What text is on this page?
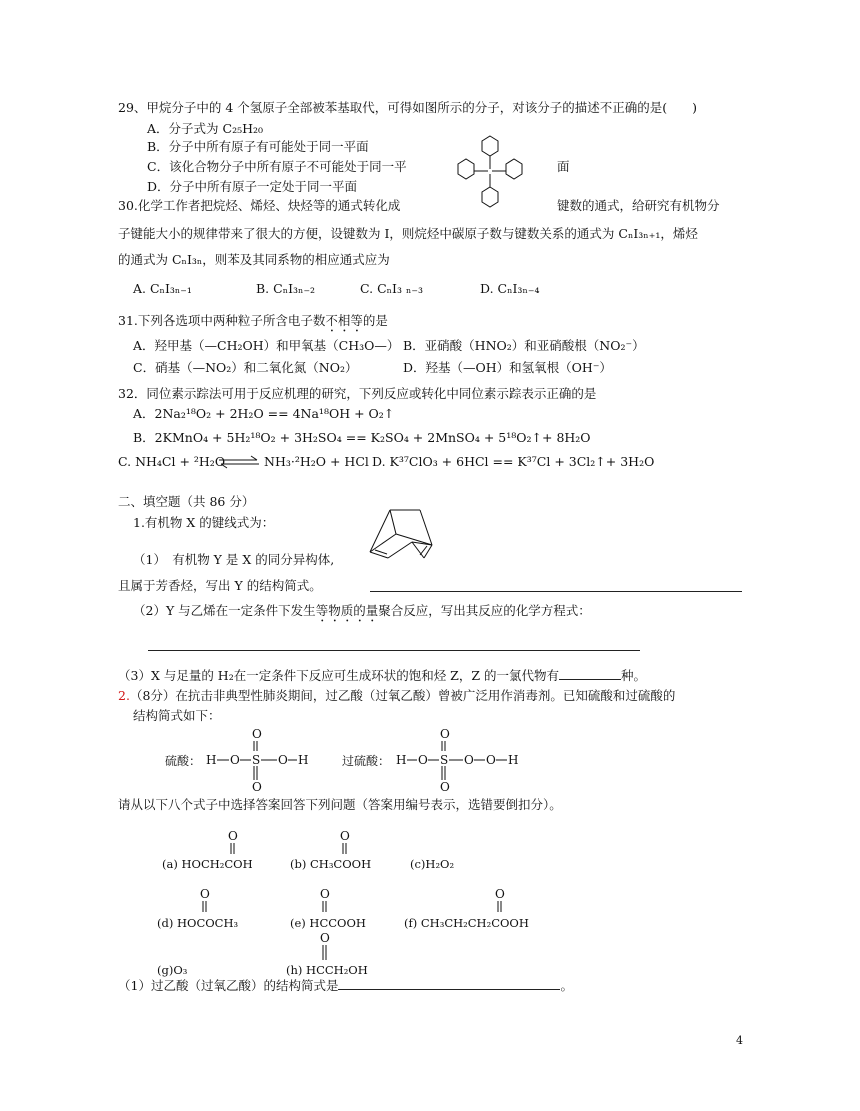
29、甲烷分子中的 4 个氢原子全部被苯基取代，可得如图所示的分子，对该分子的描述不正确的是(　　)
A．分子式为 C₂₅H₂₀
B．分子中所有原子有可能处于同一平面
C．该化合物分子中所有原子不可能处于同一平	面
D．分子中所有原子一定处于同一平面
30.化学工作者把烷烃、烯烃、炔烃等的通式转化成	键数的通式，给研究有机物分
子键能大小的规律带来了很大的方便，设键数为 I，则烷烃中碳原子数与键数关系的通式为 CₙI₃ₙ₊₁，烯烃
的通式为 CₙI₃ₙ，则苯及其同系物的相应通式应为
A. CₙI₃ₙ₋₁	B. CₙI₃ₙ₋₂	C. CₙI₃ ₙ₋₃	D. CₙI₃ₙ₋₄
31.下列各选项中两种粒子所含电子数不相等的是
A．羟甲基（—CH₂OH）和甲氧基（CH₃O—） B．亚硝酸（HNO₂）和亚硝酸根（NO₂⁻）
C．硝基（—NO₂）和二氧化氮（NO₂）	D．羟基（—OH）和氢氧根（OH⁻）
32．同位素示踪法可用于反应机理的研究，下列反应或转化中同位素示踪表示正确的是
A．2Na₂¹⁸O₂ + 2H₂O == 4Na¹⁸OH + O₂↑
B．2KMnO₄ + 5H₂¹⁸O₂ + 3H₂SO₄ == K₂SO₄ + 2MnSO₄ + 5¹⁸O₂↑+ 8H₂O
C. NH₄Cl + ²H₂O ⇌ NH₃·²H₂O + HCl D. K³⁷ClO₃ + 6HCl == K³⁷Cl + 3Cl₂↑+ 3H₂O
二、填空题（共 86 分）
1.有机物 X 的键线式为：
（1）　有机物 Y 是 X 的同分异构体,
且属于芳香烃，写出 Y 的结构简式。
（2）Y 与乙烯在一定条件下发生等物质的量聚合反应，写出其反应的化学方程式：
（3）X 与足量的 H₂在一定条件下反应可生成环状的饱和烃 Z，Z 的一氯代物有	种。
2.（8分）在抗击非典型性肺炎期间，过乙酸（过氧乙酸）曾被广泛用作消毒剂。已知硫酸和过硫酸的
结构简式如下：
硫酸： H O S O H
O
O
过硫酸： H O S O O H
O
O
请从以下八个式子中选择答案回答下列问题（答案用编号表示，选错要倒扣分）。
(a) HOCH₂COH
O
(b) CH₃COOH
O
(c)H₂O₂
(d) HOCOCH₃
O
(e) HCCOOH
O
(f) CH₃CH₂CH₂COOH
O
(g)O₃	(h) HCCH₂OH
O
（1）过乙酸（过氧乙酸）的结构简式是	。
4
